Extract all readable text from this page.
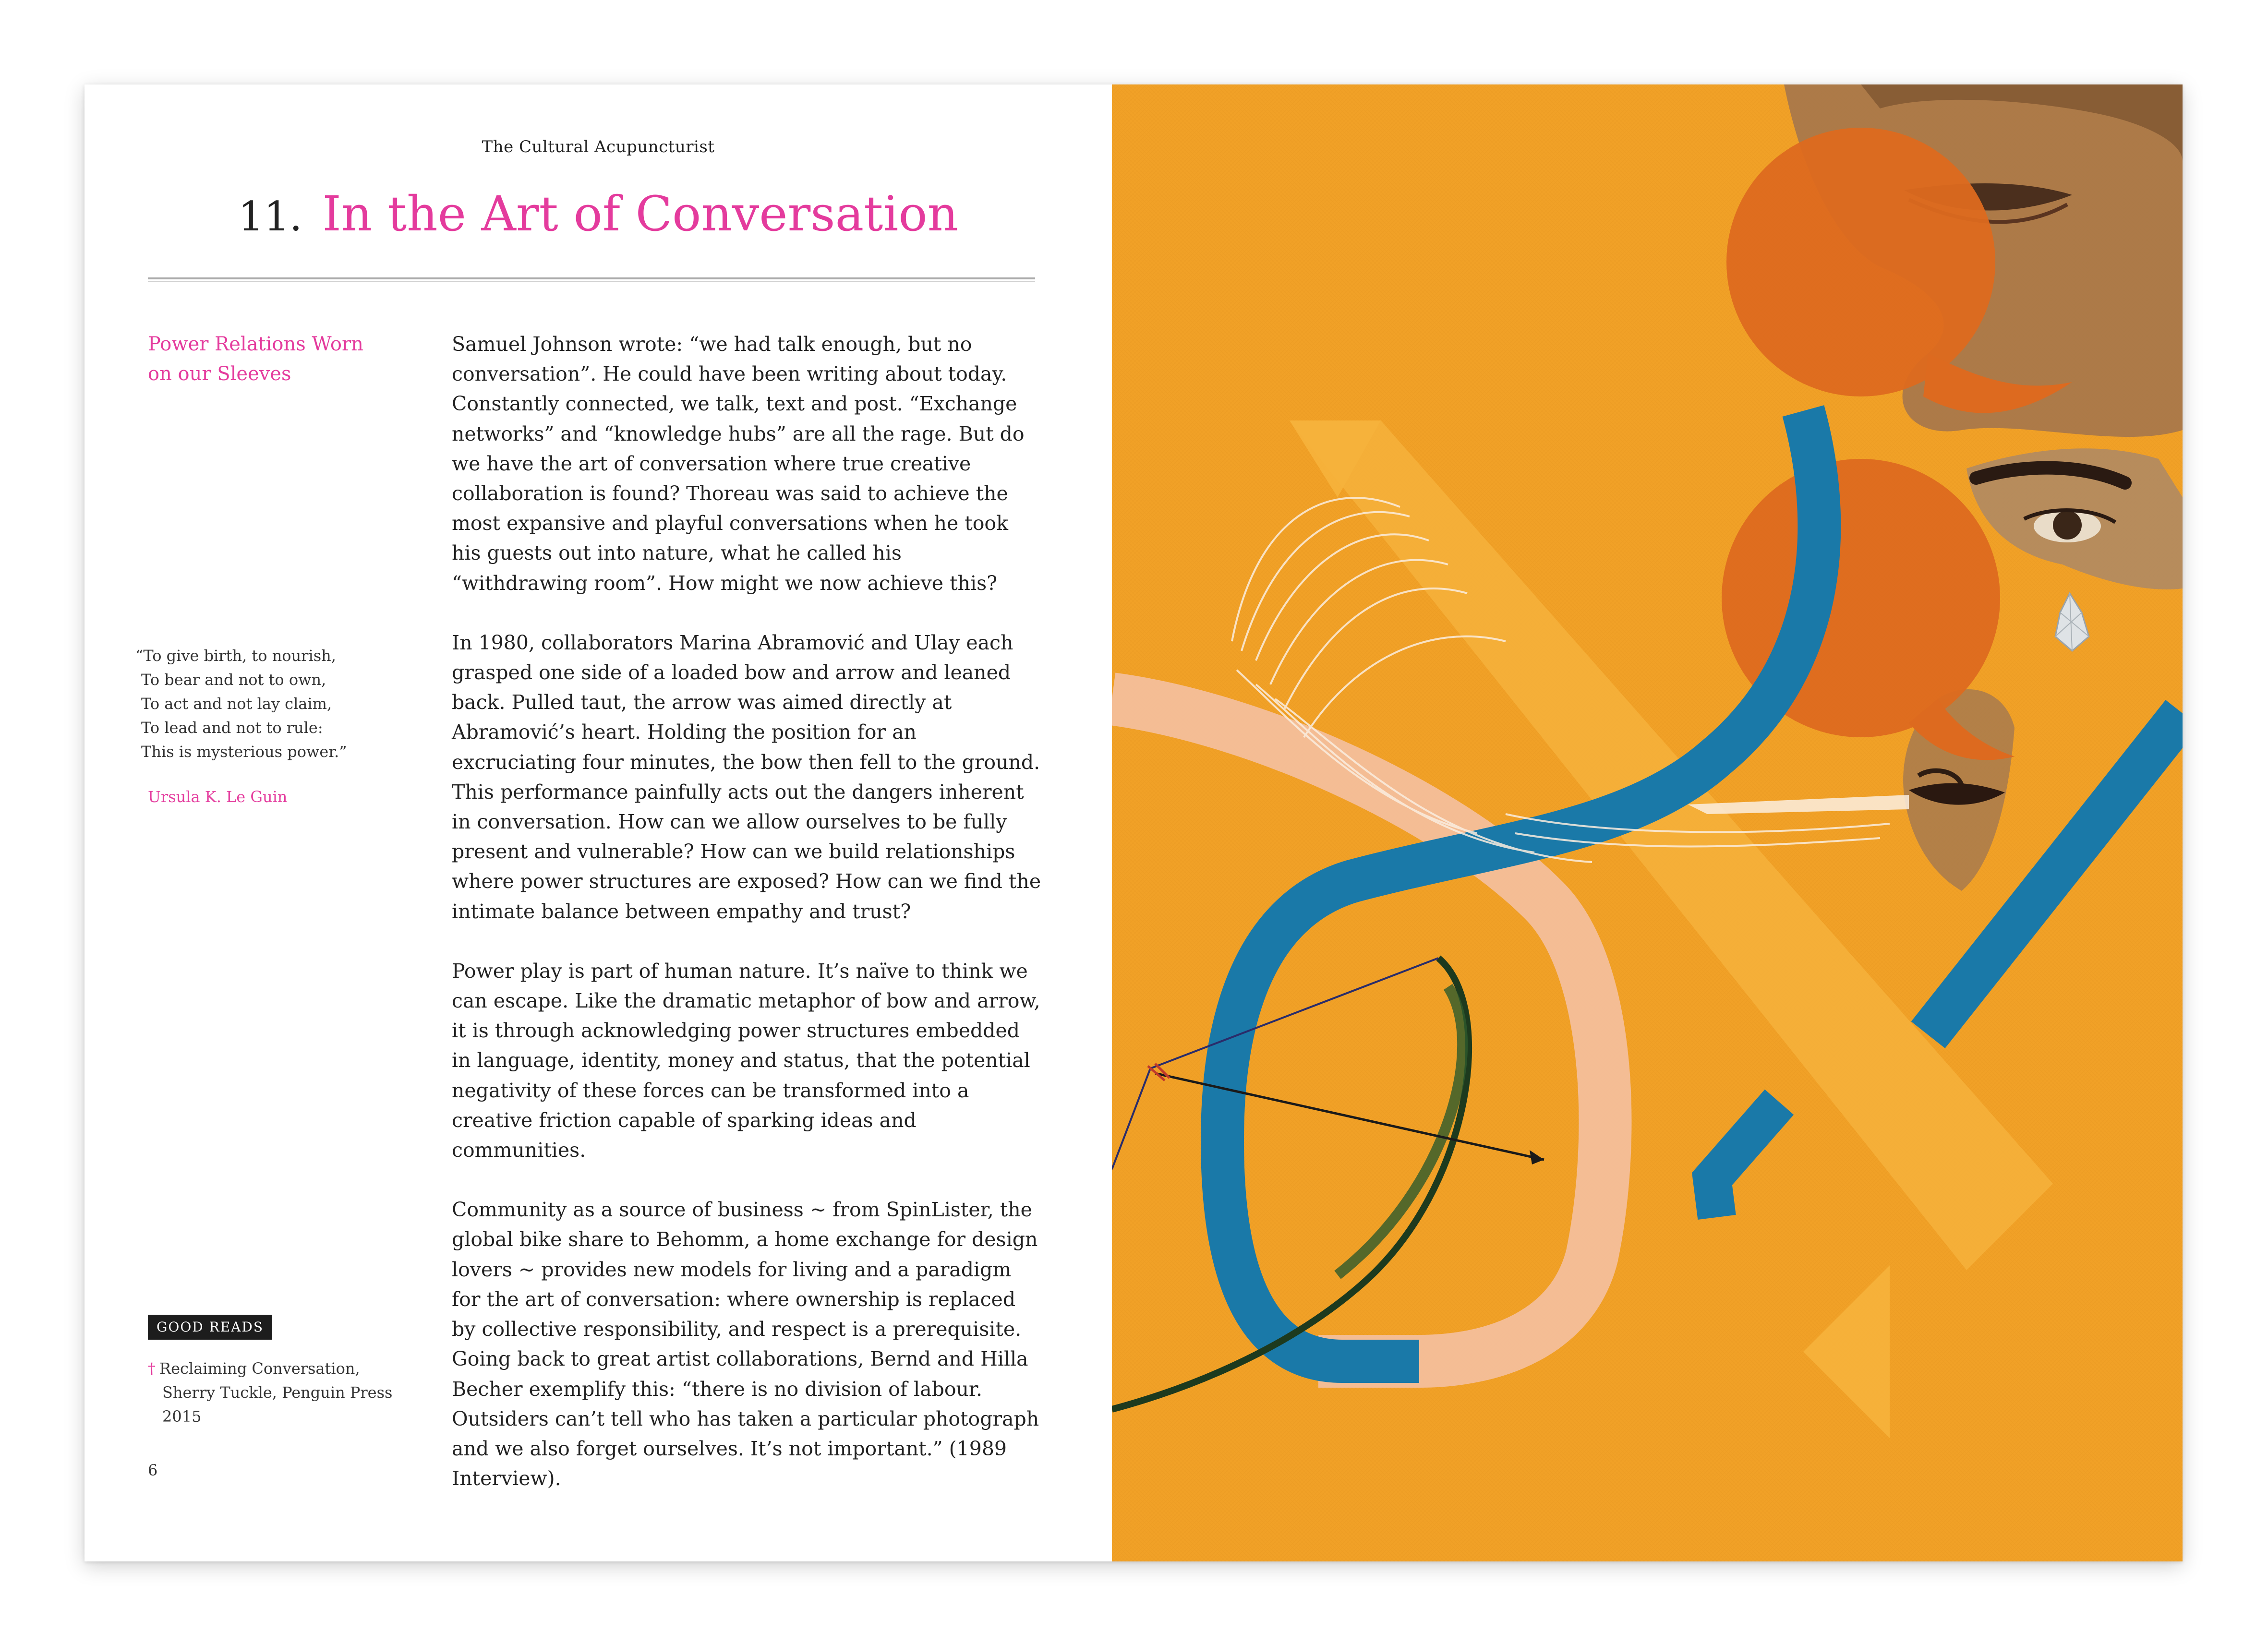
The Cultural Acupuncturist
11. In the Art of Conversation
Power Relations Worn
on our Sleeves
“To give birth, to nourish,
To bear and not to own,
To act and not lay claim,
To lead and not to rule:
This is mysterious power.”
Ursula K. Le Guin
GOOD READS
† Reclaiming Conversation,
Sherry Tuckle, Penguin Press 2015
6

Samuel Johnson wrote: “we had talk enough, but no conversation”. He could have been writing about today. Constantly connected, we talk, text and post. “Exchange networks” and “knowledge hubs” are all the rage. But do we have the art of conversation where true creative collaboration is found? Thoreau was said to achieve the most expansive and playful conversations when he took his guests out into nature, what he called his “withdrawing room”. How might we now achieve this?

In 1980, collaborators Marina Abramović and Ulay each grasped one side of a loaded bow and arrow and leaned back. Pulled taut, the arrow was aimed directly at Abramović’s heart. Holding the position for an excruciating four minutes, the bow then fell to the ground. This performance painfully acts out the dangers inherent in conversation. How can we allow ourselves to be fully present and vulnerable? How can we build relationships where power structures are exposed? How can we find the intimate balance between empathy and trust?

Power play is part of human nature. It’s naïve to think we can escape. Like the dramatic metaphor of bow and arrow, it is through acknowledging power structures embedded in language, identity, money and status, that the potential negativity of these forces can be transformed into a creative friction capable of sparking ideas and communities.

Community as a source of business ~ from SpinLister, the global bike share to Behomm, a home exchange for design lovers ~ provides new models for living and a paradigm for the art of conversation: where ownership is replaced by collective responsibility, and respect is a prerequisite. Going back to great artist collaborations, Bernd and Hilla Becher exemplify this: “there is no division of labour. Outsiders can’t tell who has taken a particular photograph and we also forget ourselves. It’s not important.” (1989 Interview).
